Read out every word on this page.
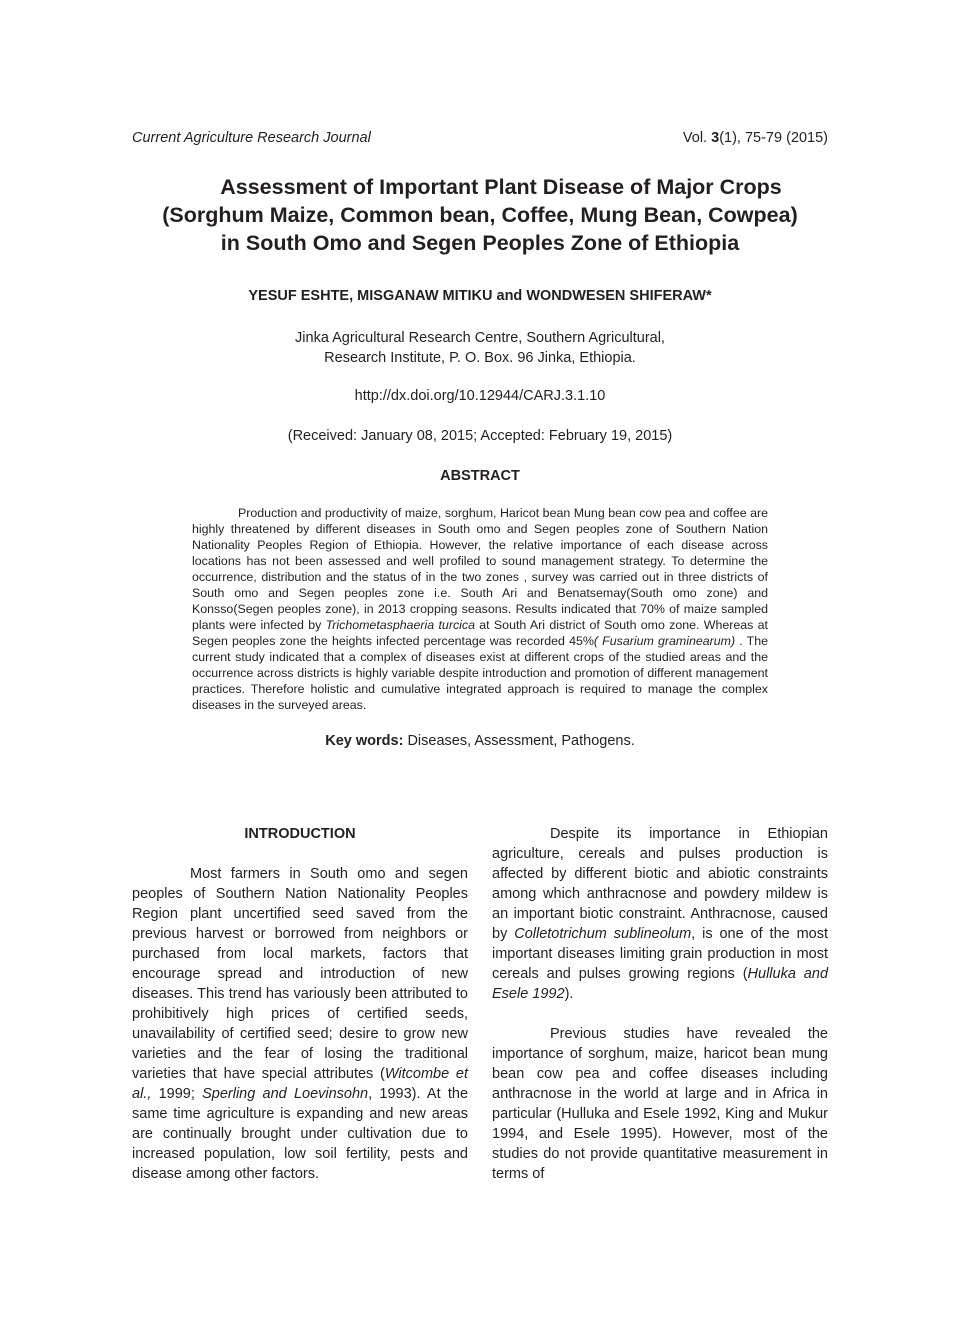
Current Agriculture Research Journal	Vol. 3(1), 75-79 (2015)
Assessment of Important Plant Disease of Major Crops
(Sorghum Maize, Common bean, Coffee, Mung Bean, Cowpea)
in South Omo and Segen Peoples Zone of Ethiopia
YESUF ESHTE, MISGANAW MITIKU and WONDWESEN SHIFERAW*
Jinka Agricultural Research Centre, Southern Agricultural,
Research Institute, P. O. Box. 96 Jinka, Ethiopia.
http://dx.doi.org/10.12944/CARJ.3.1.10
(Received: January 08, 2015; Accepted: February 19, 2015)
ABSTRACT
Production and productivity of maize, sorghum, Haricot bean Mung bean cow pea and coffee are highly threatened by different diseases in South omo and Segen peoples zone of Southern Nation Nationality Peoples Region of Ethiopia. However, the relative importance of each disease across locations has not been assessed and well profiled to sound management strategy. To determine the occurrence, distribution and the status of in the two zones , survey was carried out in three districts of South omo and Segen peoples zone i.e. South Ari and Benatsemay(South omo zone) and Konsso(Segen peoples zone), in 2013 cropping seasons. Results indicated that 70% of maize sampled plants were infected by Trichometasphaeria turcica at South Ari district of South omo zone. Whereas at Segen peoples zone the heights infected percentage was recorded 45%( Fusarium graminearum) . The current study indicated that a complex of diseases exist at different crops of the studied areas and the occurrence across districts is highly variable despite introduction and promotion of different management practices. Therefore holistic and cumulative integrated approach is required to manage the complex diseases in the surveyed areas.
Key words: Diseases, Assessment, Pathogens.
INTRODUCTION

Most farmers in South omo and segen peoples of Southern Nation Nationality Peoples Region plant uncertified seed saved from the previous harvest or borrowed from neighbors or purchased from local markets, factors that encourage spread and introduction of new diseases. This trend has variously been attributed to prohibitively high prices of certified seeds, unavailability of certified seed; desire to grow new varieties and the fear of losing the traditional varieties that have special attributes (Witcombe et al., 1999; Sperling and Loevinsohn, 1993). At the same time agriculture is expanding and new areas are continually brought under cultivation due to increased population, low soil fertility, pests and disease among other factors.

Despite its importance in Ethiopian agriculture, cereals and pulses production is affected by different biotic and abiotic constraints among which anthracnose and powdery mildew is an important biotic constraint. Anthracnose, caused by Colletotrichum sublineolum, is one of the most important diseases limiting grain production in most cereals and pulses growing regions (Hulluka and Esele 1992).

Previous studies have revealed the importance of sorghum, maize, haricot bean mung bean cow pea and coffee diseases including anthracnose in the world at large and in Africa in particular (Hulluka and Esele 1992, King and Mukur 1994, and Esele 1995). However, most of the studies do not provide quantitative measurement in terms of
